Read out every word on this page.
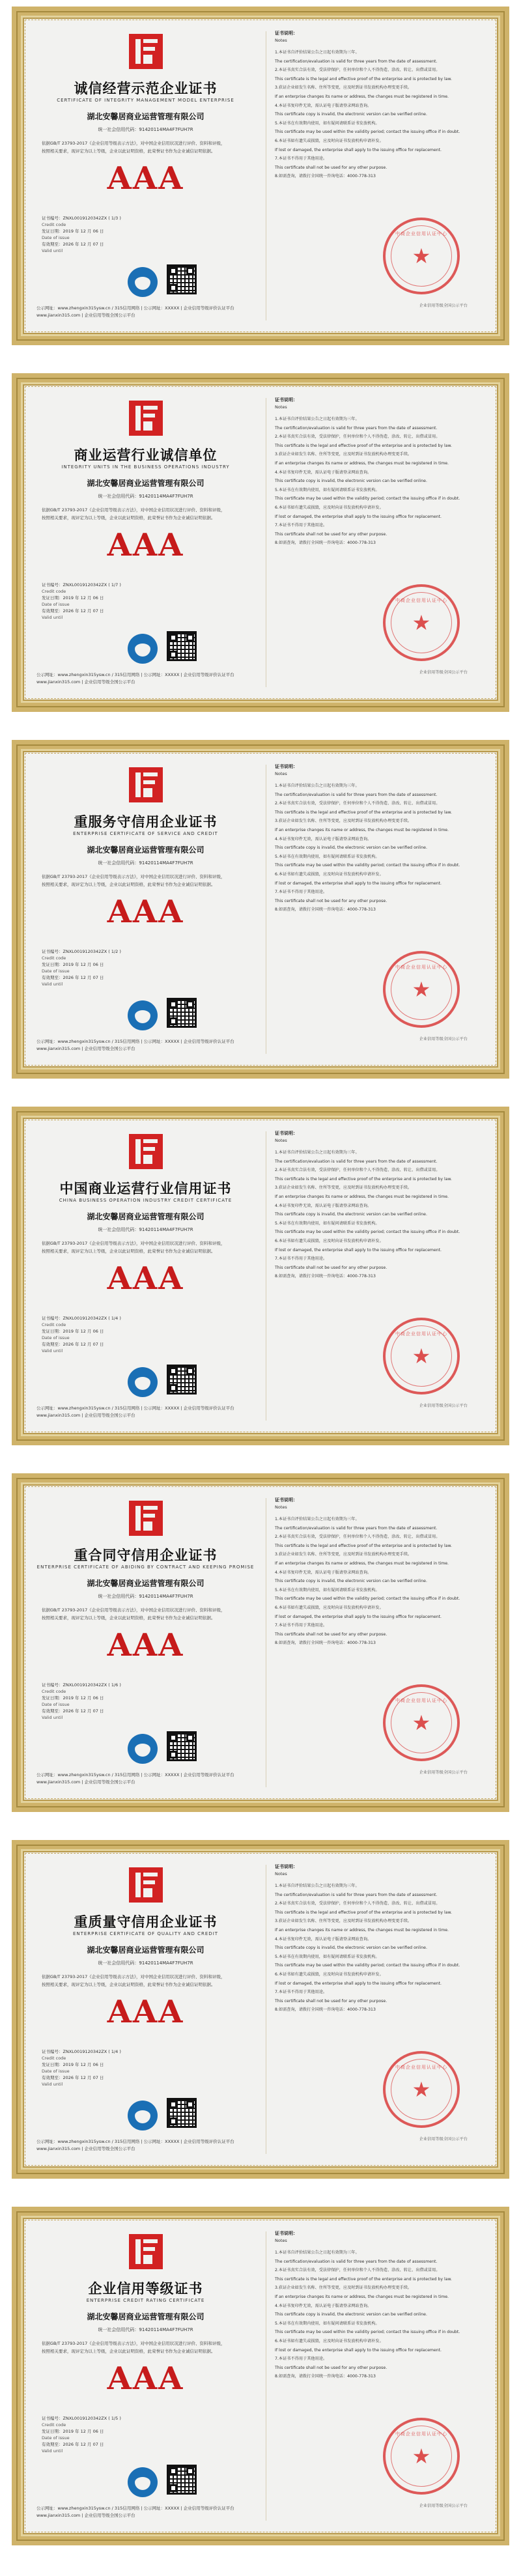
诚信经营示范企业证书
CERTIFICATE OF INTEGRITY MANAGEMENT MODEL ENTERPRISE
湖北安馨居商业运营管理有限公司
统一社会信用代码：91420114MA4F7FUH7R
依据GB/T 23793-2017《企业信用等级表示方法》，对中国企业信用状况进行评价、资料和评级，
按照相关要求，现评定为以上等级，企业以此证明资格，此荣誉证书作为企业诚信证明依据。
AAA
证书编号：ZNXL0019120342ZX ( 1/3 )
Credit code
发证日期：2019 年 12 月 06 日
Date of issue
有效期至：2026 年 12 月 07 日
Valid until
公示网址：www.zhengxin315ysw.cn / 315信用网络 | 公示网址：XXXXX | 企业信用等级评价认证平台
www.jianxin315.com | 企业信用等级全国公示平台
证书说明：
Notes
1.本证书自评价结果公告之日起有效期为三年。
The certification/evaluation is valid for three years from the date of assessment.
2.本证书真实合法有效，受法律保护，任何单位和个人不得伪造、涂改、转让、出借或冒用。
This certificate is the legal and effective proof of the enterprise and is protected by law.
3.获证企业如发生名称、住所等变更，应及时到证书发放机构办理变更手续。
If an enterprise changes its name or address, the changes must be registered in time.
4.本证书复印件无效，需认证电子版请登录网站查询。
This certificate copy is invalid, the electronic version can be verified online.
5.本证书在有效期内使用，如有疑问请联系证书发放机构。
This certificate may be used within the validity period; contact the issuing office if in doubt.
6.本证书如有遗失或损毁，应及时向证书发放机构申请补发。
If lost or damaged, the enterprise shall apply to the issuing office for replacement.
7.本证书不得用于其他用途。
This certificate shall not be used for any other purpose.
8.如需查询，请拨打全国统一咨询电话：4000-778-313
中商企业信用认证中心
★
企业信用等级全国公示平台
商业运营行业诚信单位
INTEGRITY UNITS IN THE BUSINESS OPERATIONS INDUSTRY
湖北安馨居商业运营管理有限公司
统一社会信用代码：91420114MA4F7FUH7R
依据GB/T 23793-2017《企业信用等级表示方法》，对中国企业信用状况进行评价、资料和评级，
按照相关要求，现评定为以上等级，企业以此证明资格，此荣誉证书作为企业诚信证明依据。
AAA
证书编号：ZNXL0019120342ZX ( 1/7 )
Credit code
发证日期：2019 年 12 月 06 日
Date of issue
有效期至：2026 年 12 月 07 日
Valid until
公示网址：www.zhengxin315ysw.cn / 315信用网络 | 公示网址：XXXXX | 企业信用等级评价认证平台
www.jianxin315.com | 企业信用等级全国公示平台
证书说明：
Notes
1.本证书自评价结果公告之日起有效期为三年。
The certification/evaluation is valid for three years from the date of assessment.
2.本证书真实合法有效，受法律保护，任何单位和个人不得伪造、涂改、转让、出借或冒用。
This certificate is the legal and effective proof of the enterprise and is protected by law.
3.获证企业如发生名称、住所等变更，应及时到证书发放机构办理变更手续。
If an enterprise changes its name or address, the changes must be registered in time.
4.本证书复印件无效，需认证电子版请登录网站查询。
This certificate copy is invalid, the electronic version can be verified online.
5.本证书在有效期内使用，如有疑问请联系证书发放机构。
This certificate may be used within the validity period; contact the issuing office if in doubt.
6.本证书如有遗失或损毁，应及时向证书发放机构申请补发。
If lost or damaged, the enterprise shall apply to the issuing office for replacement.
7.本证书不得用于其他用途。
This certificate shall not be used for any other purpose.
8.如需查询，请拨打全国统一咨询电话：4000-778-313
中商企业信用认证中心
★
企业信用等级全国公示平台
重服务守信用企业证书
ENTERPRISE CERTIFICATE OF SERVICE AND CREDIT
湖北安馨居商业运营管理有限公司
统一社会信用代码：91420114MA4F7FUH7R
依据GB/T 23793-2017《企业信用等级表示方法》，对中国企业信用状况进行评价、资料和评级，
按照相关要求，现评定为以上等级，企业以此证明资格，此荣誉证书作为企业诚信证明依据。
AAA
证书编号：ZNXL0019120342ZX ( 1/2 )
Credit code
发证日期：2019 年 12 月 06 日
Date of issue
有效期至：2026 年 12 月 07 日
Valid until
公示网址：www.zhengxin315ysw.cn / 315信用网络 | 公示网址：XXXXX | 企业信用等级评价认证平台
www.jianxin315.com | 企业信用等级全国公示平台
证书说明：
Notes
1.本证书自评价结果公告之日起有效期为三年。
The certification/evaluation is valid for three years from the date of assessment.
2.本证书真实合法有效，受法律保护，任何单位和个人不得伪造、涂改、转让、出借或冒用。
This certificate is the legal and effective proof of the enterprise and is protected by law.
3.获证企业如发生名称、住所等变更，应及时到证书发放机构办理变更手续。
If an enterprise changes its name or address, the changes must be registered in time.
4.本证书复印件无效，需认证电子版请登录网站查询。
This certificate copy is invalid, the electronic version can be verified online.
5.本证书在有效期内使用，如有疑问请联系证书发放机构。
This certificate may be used within the validity period; contact the issuing office if in doubt.
6.本证书如有遗失或损毁，应及时向证书发放机构申请补发。
If lost or damaged, the enterprise shall apply to the issuing office for replacement.
7.本证书不得用于其他用途。
This certificate shall not be used for any other purpose.
8.如需查询，请拨打全国统一咨询电话：4000-778-313
中商企业信用认证中心
★
企业信用等级全国公示平台
中国商业运营行业信用证书
CHINA BUSINESS OPERATION INDUSTRY CREDIT CERTIFICATE
湖北安馨居商业运营管理有限公司
统一社会信用代码：91420114MA4F7FUH7R
依据GB/T 23793-2017《企业信用等级表示方法》，对中国企业信用状况进行评价、资料和评级，
按照相关要求，现评定为以上等级，企业以此证明资格，此荣誉证书作为企业诚信证明依据。
AAA
证书编号：ZNXL0019120342ZX ( 1/4 )
Credit code
发证日期：2019 年 12 月 06 日
Date of issue
有效期至：2026 年 12 月 07 日
Valid until
公示网址：www.zhengxin315ysw.cn / 315信用网络 | 公示网址：XXXXX | 企业信用等级评价认证平台
www.jianxin315.com | 企业信用等级全国公示平台
证书说明：
Notes
1.本证书自评价结果公告之日起有效期为三年。
The certification/evaluation is valid for three years from the date of assessment.
2.本证书真实合法有效，受法律保护，任何单位和个人不得伪造、涂改、转让、出借或冒用。
This certificate is the legal and effective proof of the enterprise and is protected by law.
3.获证企业如发生名称、住所等变更，应及时到证书发放机构办理变更手续。
If an enterprise changes its name or address, the changes must be registered in time.
4.本证书复印件无效，需认证电子版请登录网站查询。
This certificate copy is invalid, the electronic version can be verified online.
5.本证书在有效期内使用，如有疑问请联系证书发放机构。
This certificate may be used within the validity period; contact the issuing office if in doubt.
6.本证书如有遗失或损毁，应及时向证书发放机构申请补发。
If lost or damaged, the enterprise shall apply to the issuing office for replacement.
7.本证书不得用于其他用途。
This certificate shall not be used for any other purpose.
8.如需查询，请拨打全国统一咨询电话：4000-778-313
中商企业信用认证中心
★
企业信用等级全国公示平台
重合同守信用企业证书
ENTERPRISE CERTIFICATE OF ABIDING BY CONTRACT AND KEEPING PROMISE
湖北安馨居商业运营管理有限公司
统一社会信用代码：91420114MA4F7FUH7R
依据GB/T 23793-2017《企业信用等级表示方法》，对中国企业信用状况进行评价、资料和评级，
按照相关要求，现评定为以上等级，企业以此证明资格，此荣誉证书作为企业诚信证明依据。
AAA
证书编号：ZNXL0019120342ZX ( 1/6 )
Credit code
发证日期：2019 年 12 月 06 日
Date of issue
有效期至：2026 年 12 月 07 日
Valid until
公示网址：www.zhengxin315ysw.cn / 315信用网络 | 公示网址：XXXXX | 企业信用等级评价认证平台
www.jianxin315.com | 企业信用等级全国公示平台
证书说明：
Notes
1.本证书自评价结果公告之日起有效期为三年。
The certification/evaluation is valid for three years from the date of assessment.
2.本证书真实合法有效，受法律保护，任何单位和个人不得伪造、涂改、转让、出借或冒用。
This certificate is the legal and effective proof of the enterprise and is protected by law.
3.获证企业如发生名称、住所等变更，应及时到证书发放机构办理变更手续。
If an enterprise changes its name or address, the changes must be registered in time.
4.本证书复印件无效，需认证电子版请登录网站查询。
This certificate copy is invalid, the electronic version can be verified online.
5.本证书在有效期内使用，如有疑问请联系证书发放机构。
This certificate may be used within the validity period; contact the issuing office if in doubt.
6.本证书如有遗失或损毁，应及时向证书发放机构申请补发。
If lost or damaged, the enterprise shall apply to the issuing office for replacement.
7.本证书不得用于其他用途。
This certificate shall not be used for any other purpose.
8.如需查询，请拨打全国统一咨询电话：4000-778-313
中商企业信用认证中心
★
企业信用等级全国公示平台
重质量守信用企业证书
ENTERPRISE CERTIFICATE OF QUALITY AND CREDIT
湖北安馨居商业运营管理有限公司
统一社会信用代码：91420114MA4F7FUH7R
依据GB/T 23793-2017《企业信用等级表示方法》，对中国企业信用状况进行评价、资料和评级，
按照相关要求，现评定为以上等级，企业以此证明资格，此荣誉证书作为企业诚信证明依据。
AAA
证书编号：ZNXL0019120342ZX ( 1/4 )
Credit code
发证日期：2019 年 12 月 06 日
Date of issue
有效期至：2026 年 12 月 07 日
Valid until
公示网址：www.zhengxin315ysw.cn / 315信用网络 | 公示网址：XXXXX | 企业信用等级评价认证平台
www.jianxin315.com | 企业信用等级全国公示平台
证书说明：
Notes
1.本证书自评价结果公告之日起有效期为三年。
The certification/evaluation is valid for three years from the date of assessment.
2.本证书真实合法有效，受法律保护，任何单位和个人不得伪造、涂改、转让、出借或冒用。
This certificate is the legal and effective proof of the enterprise and is protected by law.
3.获证企业如发生名称、住所等变更，应及时到证书发放机构办理变更手续。
If an enterprise changes its name or address, the changes must be registered in time.
4.本证书复印件无效，需认证电子版请登录网站查询。
This certificate copy is invalid, the electronic version can be verified online.
5.本证书在有效期内使用，如有疑问请联系证书发放机构。
This certificate may be used within the validity period; contact the issuing office if in doubt.
6.本证书如有遗失或损毁，应及时向证书发放机构申请补发。
If lost or damaged, the enterprise shall apply to the issuing office for replacement.
7.本证书不得用于其他用途。
This certificate shall not be used for any other purpose.
8.如需查询，请拨打全国统一咨询电话：4000-778-313
中商企业信用认证中心
★
企业信用等级全国公示平台
企业信用等级证书
ENTERPRISE CREDIT RATING CERTIFICATE
湖北安馨居商业运营管理有限公司
统一社会信用代码：91420114MA4F7FUH7R
依据GB/T 23793-2017《企业信用等级表示方法》，对中国企业信用状况进行评价、资料和评级，
按照相关要求，现评定为以上等级，企业以此证明资格，此荣誉证书作为企业诚信证明依据。
AAA
证书编号：ZNXL0019120342ZX ( 1/5 )
Credit code
发证日期：2019 年 12 月 06 日
Date of issue
有效期至：2026 年 12 月 07 日
Valid until
公示网址：www.zhengxin315ysw.cn / 315信用网络 | 公示网址：XXXXX | 企业信用等级评价认证平台
www.jianxin315.com | 企业信用等级全国公示平台
证书说明：
Notes
1.本证书自评价结果公告之日起有效期为三年。
The certification/evaluation is valid for three years from the date of assessment.
2.本证书真实合法有效，受法律保护，任何单位和个人不得伪造、涂改、转让、出借或冒用。
This certificate is the legal and effective proof of the enterprise and is protected by law.
3.获证企业如发生名称、住所等变更，应及时到证书发放机构办理变更手续。
If an enterprise changes its name or address, the changes must be registered in time.
4.本证书复印件无效，需认证电子版请登录网站查询。
This certificate copy is invalid, the electronic version can be verified online.
5.本证书在有效期内使用，如有疑问请联系证书发放机构。
This certificate may be used within the validity period; contact the issuing office if in doubt.
6.本证书如有遗失或损毁，应及时向证书发放机构申请补发。
If lost or damaged, the enterprise shall apply to the issuing office for replacement.
7.本证书不得用于其他用途。
This certificate shall not be used for any other purpose.
8.如需查询，请拨打全国统一咨询电话：4000-778-313
中商企业信用认证中心
★
企业信用等级全国公示平台
